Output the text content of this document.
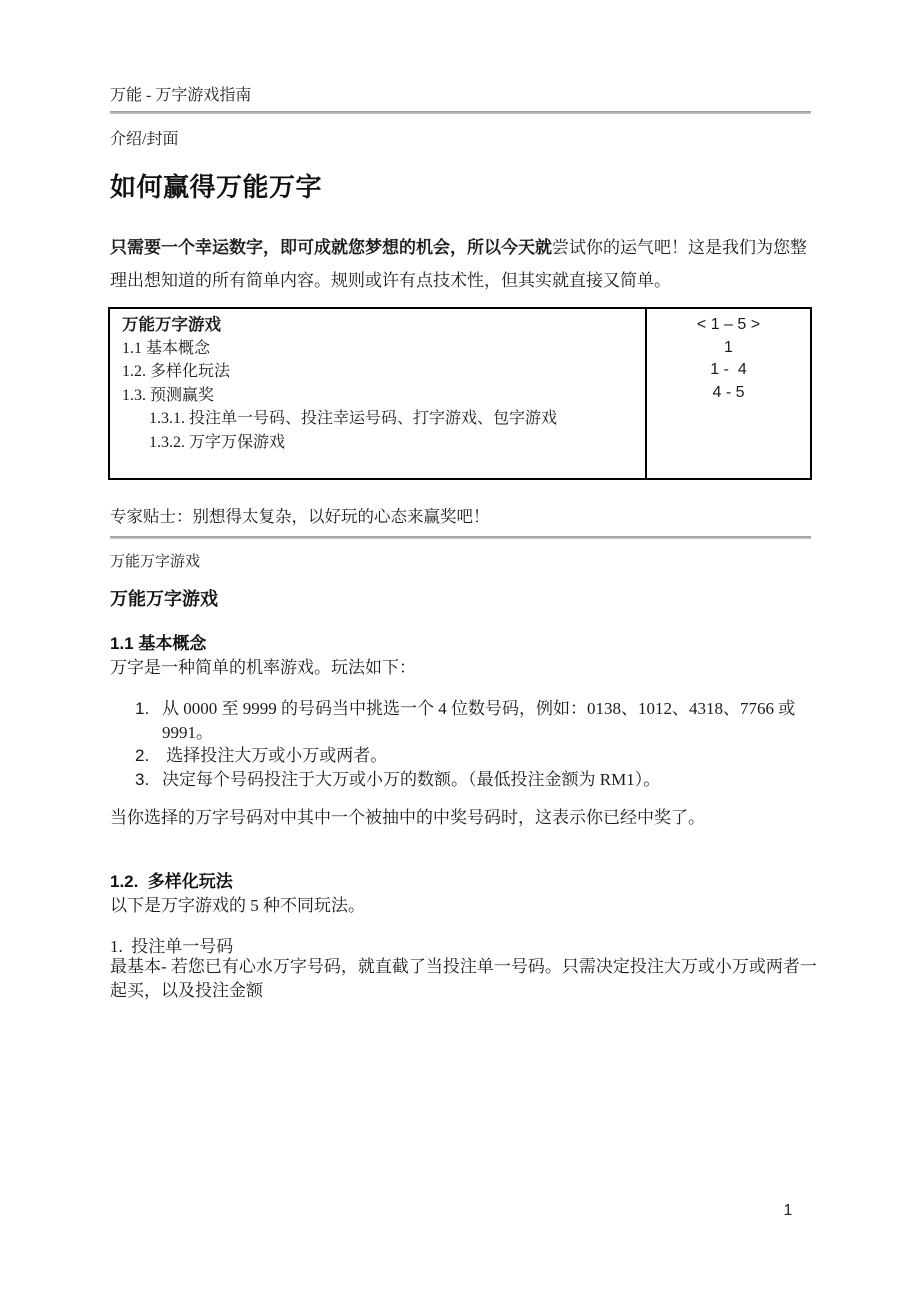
万能 - 万字游戏指南
介绍/封面
如何赢得万能万字
只需要一个幸运数字，即可成就您梦想的机会，所以今天就尝试你的运气吧！这是我们为您整理出想知道的所有简单内容。规则或许有点技术性，但其实就直接又简单。
万能万字游戏
1.1 基本概念
1.2. 多样化玩法
1.3. 预测赢奖
1.3.1. 投注单一号码、投注幸运号码、打字游戏、包字游戏
1.3.2. 万字万保游戏
< 1 – 5 >
1
1 -  4
4 - 5
专家贴士：别想得太复杂，以好玩的心态来赢奖吧！
万能万字游戏
万能万字游戏
1.1 基本概念
万字是一种简单的机率游戏。玩法如下：
1. 从 0000 至 9999 的号码当中挑选一个 4 位数号码，例如：0138、1012、4318、7766 或 9991。
2. 选择投注大万或小万或两者。
3. 决定每个号码投注于大万或小万的数额。（最低投注金额为 RM1）。
当你选择的万字号码对中其中一个被抽中的中奖号码时，这表示你已经中奖了。
1.2.  多样化玩法
以下是万字游戏的 5 种不同玩法。
1.  投注单一号码
最基本- 若您已有心水万字号码，就直截了当投注单一号码。只需决定投注大万或小万或两者一起买，以及投注金额
1
